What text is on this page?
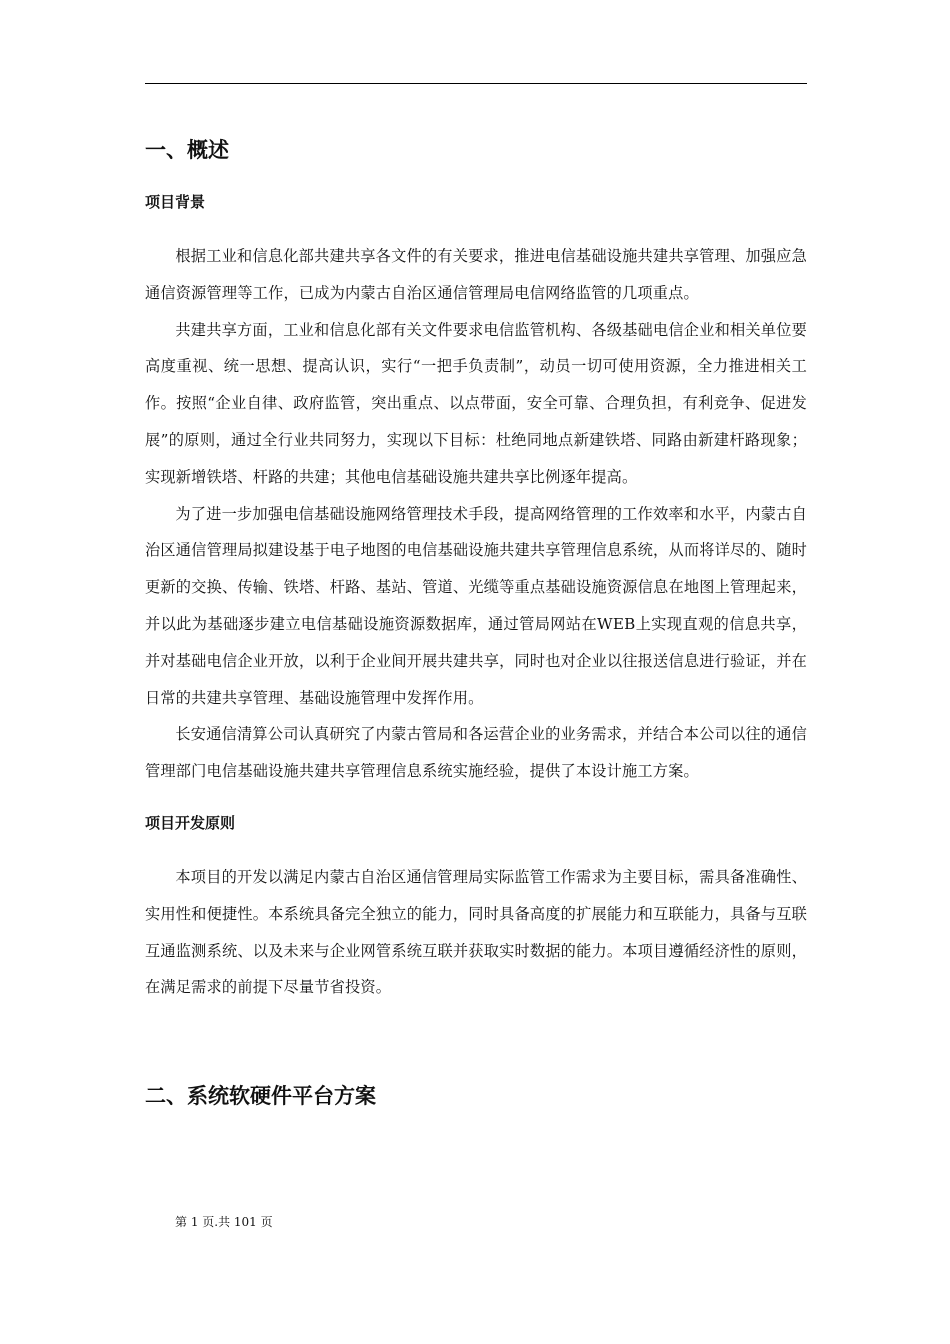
一、概述
项目背景

根据工业和信息化部共建共享各文件的有关要求，推进电信基础设施共建共享管理、加强应急通信资源管理等工作，已成为内蒙古自治区通信管理局电信网络监管的几项重点。

共建共享方面，工业和信息化部有关文件要求电信监管机构、各级基础电信企业和相关单位要高度重视、统一思想、提高认识，实行“一把手负责制”，动员一切可使用资源，全力推进相关工作。按照“企业自律、政府监管，突出重点、以点带面，安全可靠、合理负担，有利竞争、促进发展”的原则，通过全行业共同努力，实现以下目标：杜绝同地点新建铁塔、同路由新建杆路现象；实现新增铁塔、杆路的共建；其他电信基础设施共建共享比例逐年提高。

为了进一步加强电信基础设施网络管理技术手段，提高网络管理的工作效率和水平，内蒙古自治区通信管理局拟建设基于电子地图的电信基础设施共建共享管理信息系统，从而将详尽的、随时更新的交换、传输、铁塔、杆路、基站、管道、光缆等重点基础设施资源信息在地图上管理起来，并以此为基础逐步建立电信基础设施资源数据库，通过管局网站在WEB上实现直观的信息共享，并对基础电信企业开放，以利于企业间开展共建共享，同时也对企业以往报送信息进行验证，并在日常的共建共享管理、基础设施管理中发挥作用。

长安通信清算公司认真研究了内蒙古管局和各运营企业的业务需求，并结合本公司以往的通信管理部门电信基础设施共建共享管理信息系统实施经验，提供了本设计施工方案。

项目开发原则

本项目的开发以满足内蒙古自治区通信管理局实际监管工作需求为主要目标，需具备准确性、实用性和便捷性。本系统具备完全独立的能力，同时具备高度的扩展能力和互联能力，具备与互联互通监测系统、以及未来与企业网管系统互联并获取实时数据的能力。本项目遵循经济性的原则，在满足需求的前提下尽量节省投资。

二、系统软硬件平台方案
第 1 页.共 101 页
